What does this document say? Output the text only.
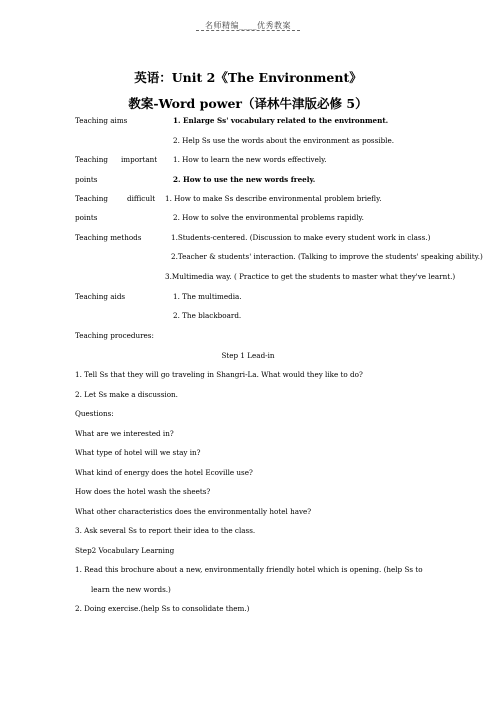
名师精编____优秀教案
英语：Unit 2《The Environment》
教案-Word power（译林牛津版必修 5）
Teaching aims	1. Enlarge Ss' vocabulary related to the environment.
2. Help Ss use the words about the environment as possible.
Teaching important 1. How to learn the new words effectively.
points	2. How to use the new words freely.
Teaching	difficult 1. How to make Ss describe environmental problem briefly.
points	2. How to solve the environmental problems rapidly.
Teaching methods	1.Students-centered. (Discussion to make every student work in class.)
2.Teacher & students' interaction. (Talking to improve the students' speaking ability.)
3.Multimedia way. ( Practice to get the students to master what they've learnt.)
Teaching aids	1. The multimedia.
2. The blackboard.
Teaching procedures:
Step 1 Lead-in
1. Tell Ss that they will go traveling in Shangri-La. What would they like to do?
2. Let Ss make a discussion.
Questions:
What are we interested in?
What type of hotel will we stay in?
What kind of energy does the hotel Ecoville use?
How does the hotel wash the sheets?
What other characteristics does the environmentally hotel have?
3. Ask several Ss to report their idea to the class.
Step2 Vocabulary Learning
1. Read this brochure about a new, environmentally friendly hotel which is opening. (help Ss to
learn the new words.)
2. Doing exercise.(help Ss to consolidate them.)
